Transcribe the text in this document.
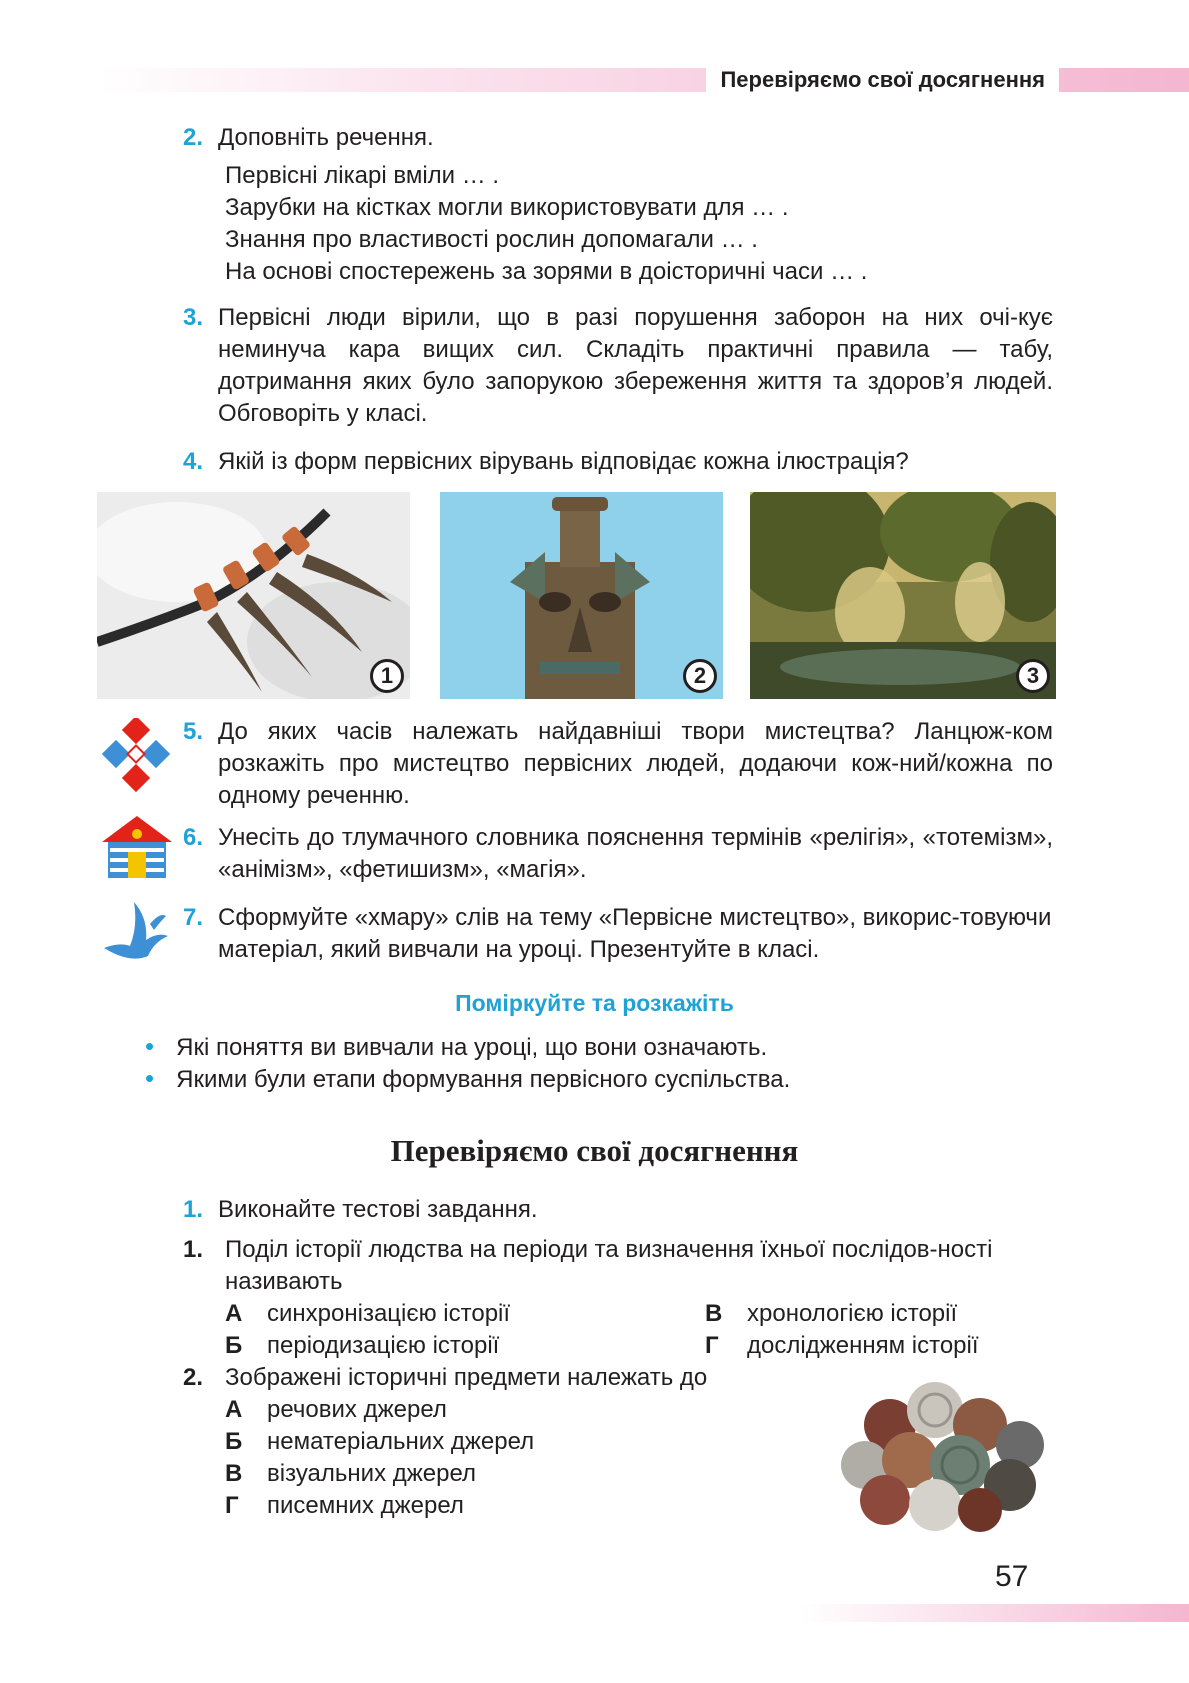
Перевіряємо свої досягнення
2. Доповніть речення.
Первісні лікарі вміли … .
Зарубки на кістках могли використовувати для … .
Знання про властивості рослин допомагали … .
На основі спостережень за зорями в доісторичні часи … .
3. Первісні люди вірили, що в разі порушення заборон на них очі-кує неминуча кара вищих сил. Складіть практичні правила — табу, дотримання яких було запорукою збереження життя та здоров’я людей. Обговоріть у класі.
4. Якій із форм первісних вірувань відповідає кожна ілюстрація?
1	2	3
5. До яких часів належать найдавніші твори мистецтва? Ланцюж-ком розкажіть про мистецтво первісних людей, додаючи кож-ний/кожна по одному реченню.
6. Унесіть до тлумачного словника пояснення термінів «релігія», «тотемізм», «анімізм», «фетишизм», «магія».
7. Сформуйте «хмару» слів на тему «Первісне мистецтво», викорис-товуючи матеріал, який вивчали на уроці. Презентуйте в класі.
Поміркуйте та розкажіть
• Які поняття ви вивчали на уроці, що вони означають.
• Якими були етапи формування первісного суспільства.
Перевіряємо свої досягнення
1. Виконайте тестові завдання.
1. Поділ історії людства на періоди та визначення їхньої послідов-ності називають
А синхронізацією історії	В хронологією історії
Б періодизацією історії	Г дослідженням історії
2. Зображені історичні предмети належать до
А речових джерел
Б нематеріальних джерел
В візуальних джерел
Г писемних джерел
57
